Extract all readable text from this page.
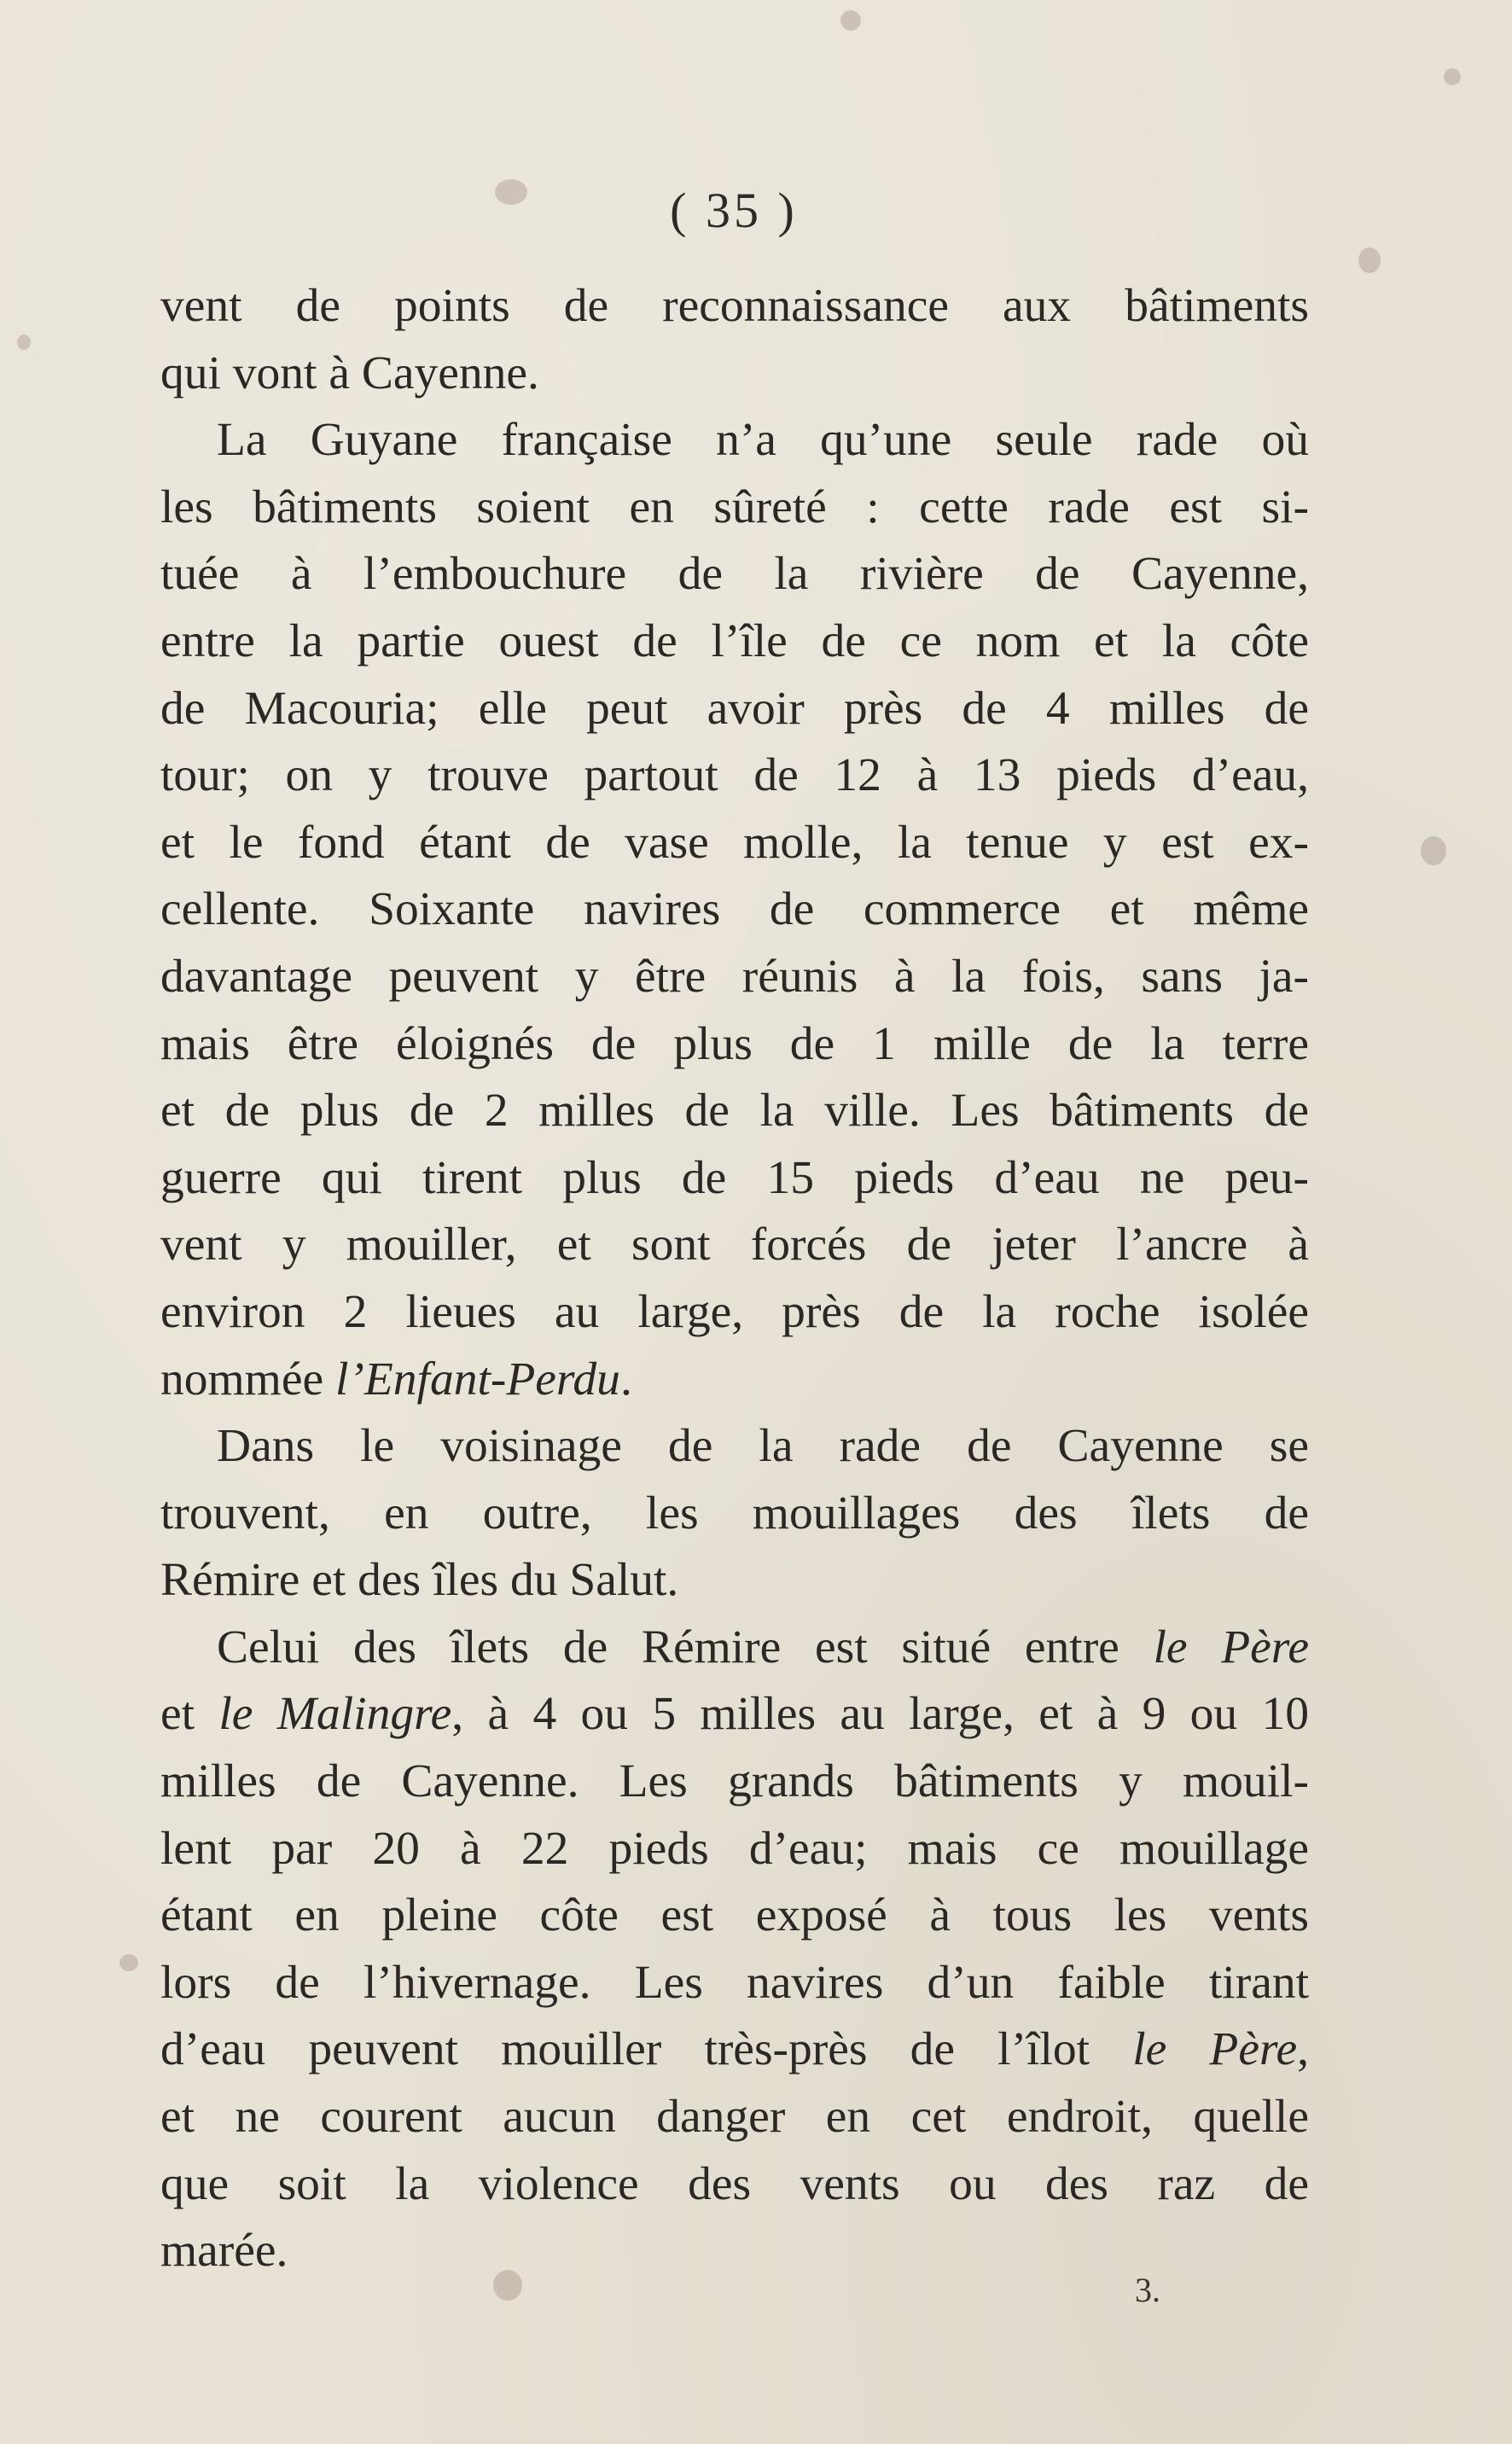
( 35 )
vent de points de reconnaissance aux bâtiments
qui vont à Cayenne.
La Guyane française n’a qu’une seule rade où
les bâtiments soient en sûreté : cette rade est si-
tuée à l’embouchure de la rivière de Cayenne,
entre la partie ouest de l’île de ce nom et la côte
de Macouria; elle peut avoir près de 4 milles de
tour; on y trouve partout de 12 à 13 pieds d’eau,
et le fond étant de vase molle, la tenue y est ex-
cellente. Soixante navires de commerce et même
davantage peuvent y être réunis à la fois, sans ja-
mais être éloignés de plus de 1 mille de la terre
et de plus de 2 milles de la ville. Les bâtiments de
guerre qui tirent plus de 15 pieds d’eau ne peu-
vent y mouiller, et sont forcés de jeter l’ancre à
environ 2 lieues au large, près de la roche isolée
nommée l’Enfant-Perdu.
Dans le voisinage de la rade de Cayenne se
trouvent, en outre, les mouillages des îlets de
Rémire et des îles du Salut.
Celui des îlets de Rémire est situé entre le Père
et le Malingre, à 4 ou 5 milles au large, et à 9 ou 10
milles de Cayenne. Les grands bâtiments y mouil-
lent par 20 à 22 pieds d’eau; mais ce mouillage
étant en pleine côte est exposé à tous les vents
lors de l’hivernage. Les navires d’un faible tirant
d’eau peuvent mouiller très-près de l’îlot le Père,
et ne courent aucun danger en cet endroit, quelle
que soit la violence des vents ou des raz de
marée.
3.
